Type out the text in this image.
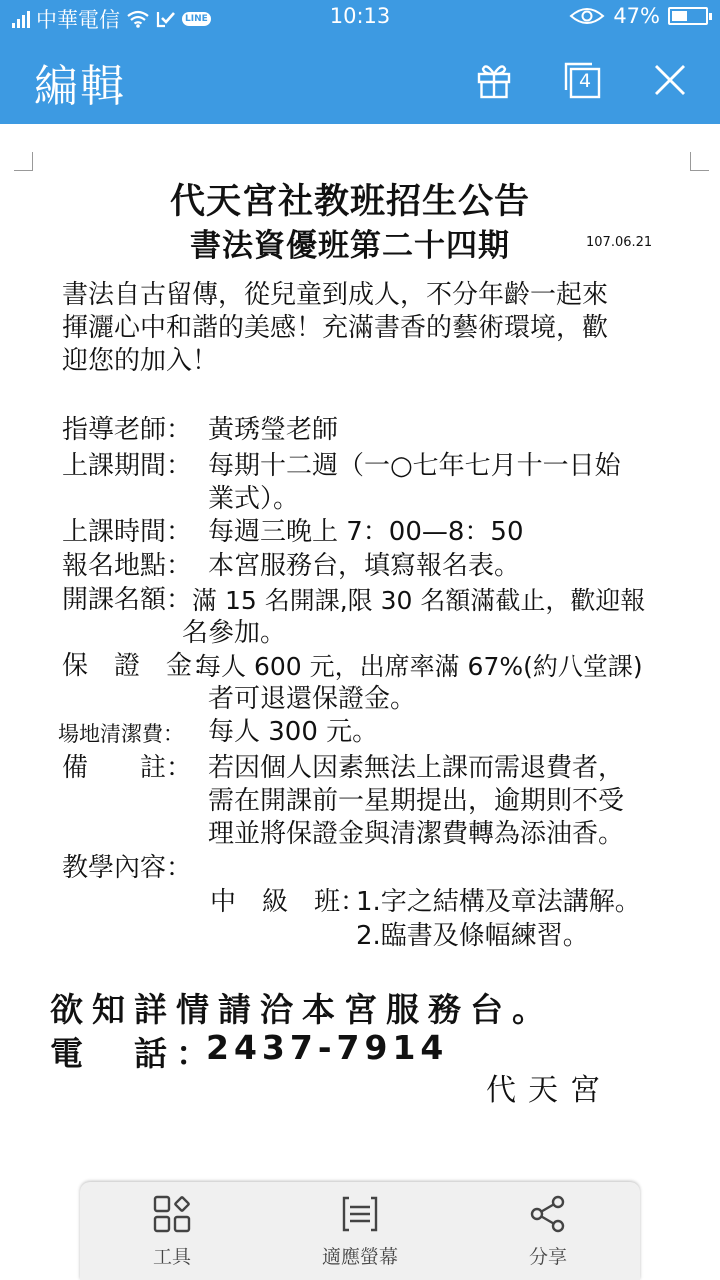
中華電信	LINE	10:13	47%
編輯	4
代天宮社教班招生公告
書法資優班第二十四期	107.06.21
書法自古留傳，從兒童到成人，不分年齡一起來
揮灑心中和諧的美感！充滿書香的藝術環境，歡
迎您的加入！
指導老師： 黃琇瑩老師
上課期間： 每期十二週（一○七年七月十一日始
業式）。
上課時間： 每週三晚上 7：00—8：50
報名地點： 本宮服務台，填寫報名表。
開課名額： 滿 15 名開課,限 30 名額滿截止，歡迎報
名參加。
保　證　金：
每人 600 元，出席率滿 67%(約八堂課)
者可退還保證金。
場地清潔費： 每人 300 元。
備　　註： 若因個人因素無法上課而需退費者，
需在開課前一星期提出，逾期則不受
理並將保證金與清潔費轉為添油香。
教學內容：
中　級　班：
1.字之結構及章法講解。
2.臨書及條幅練習。
欲知詳情請洽本宮服務台。
電　話：
2437-7914
代天宮
工具	適應螢幕	分享
